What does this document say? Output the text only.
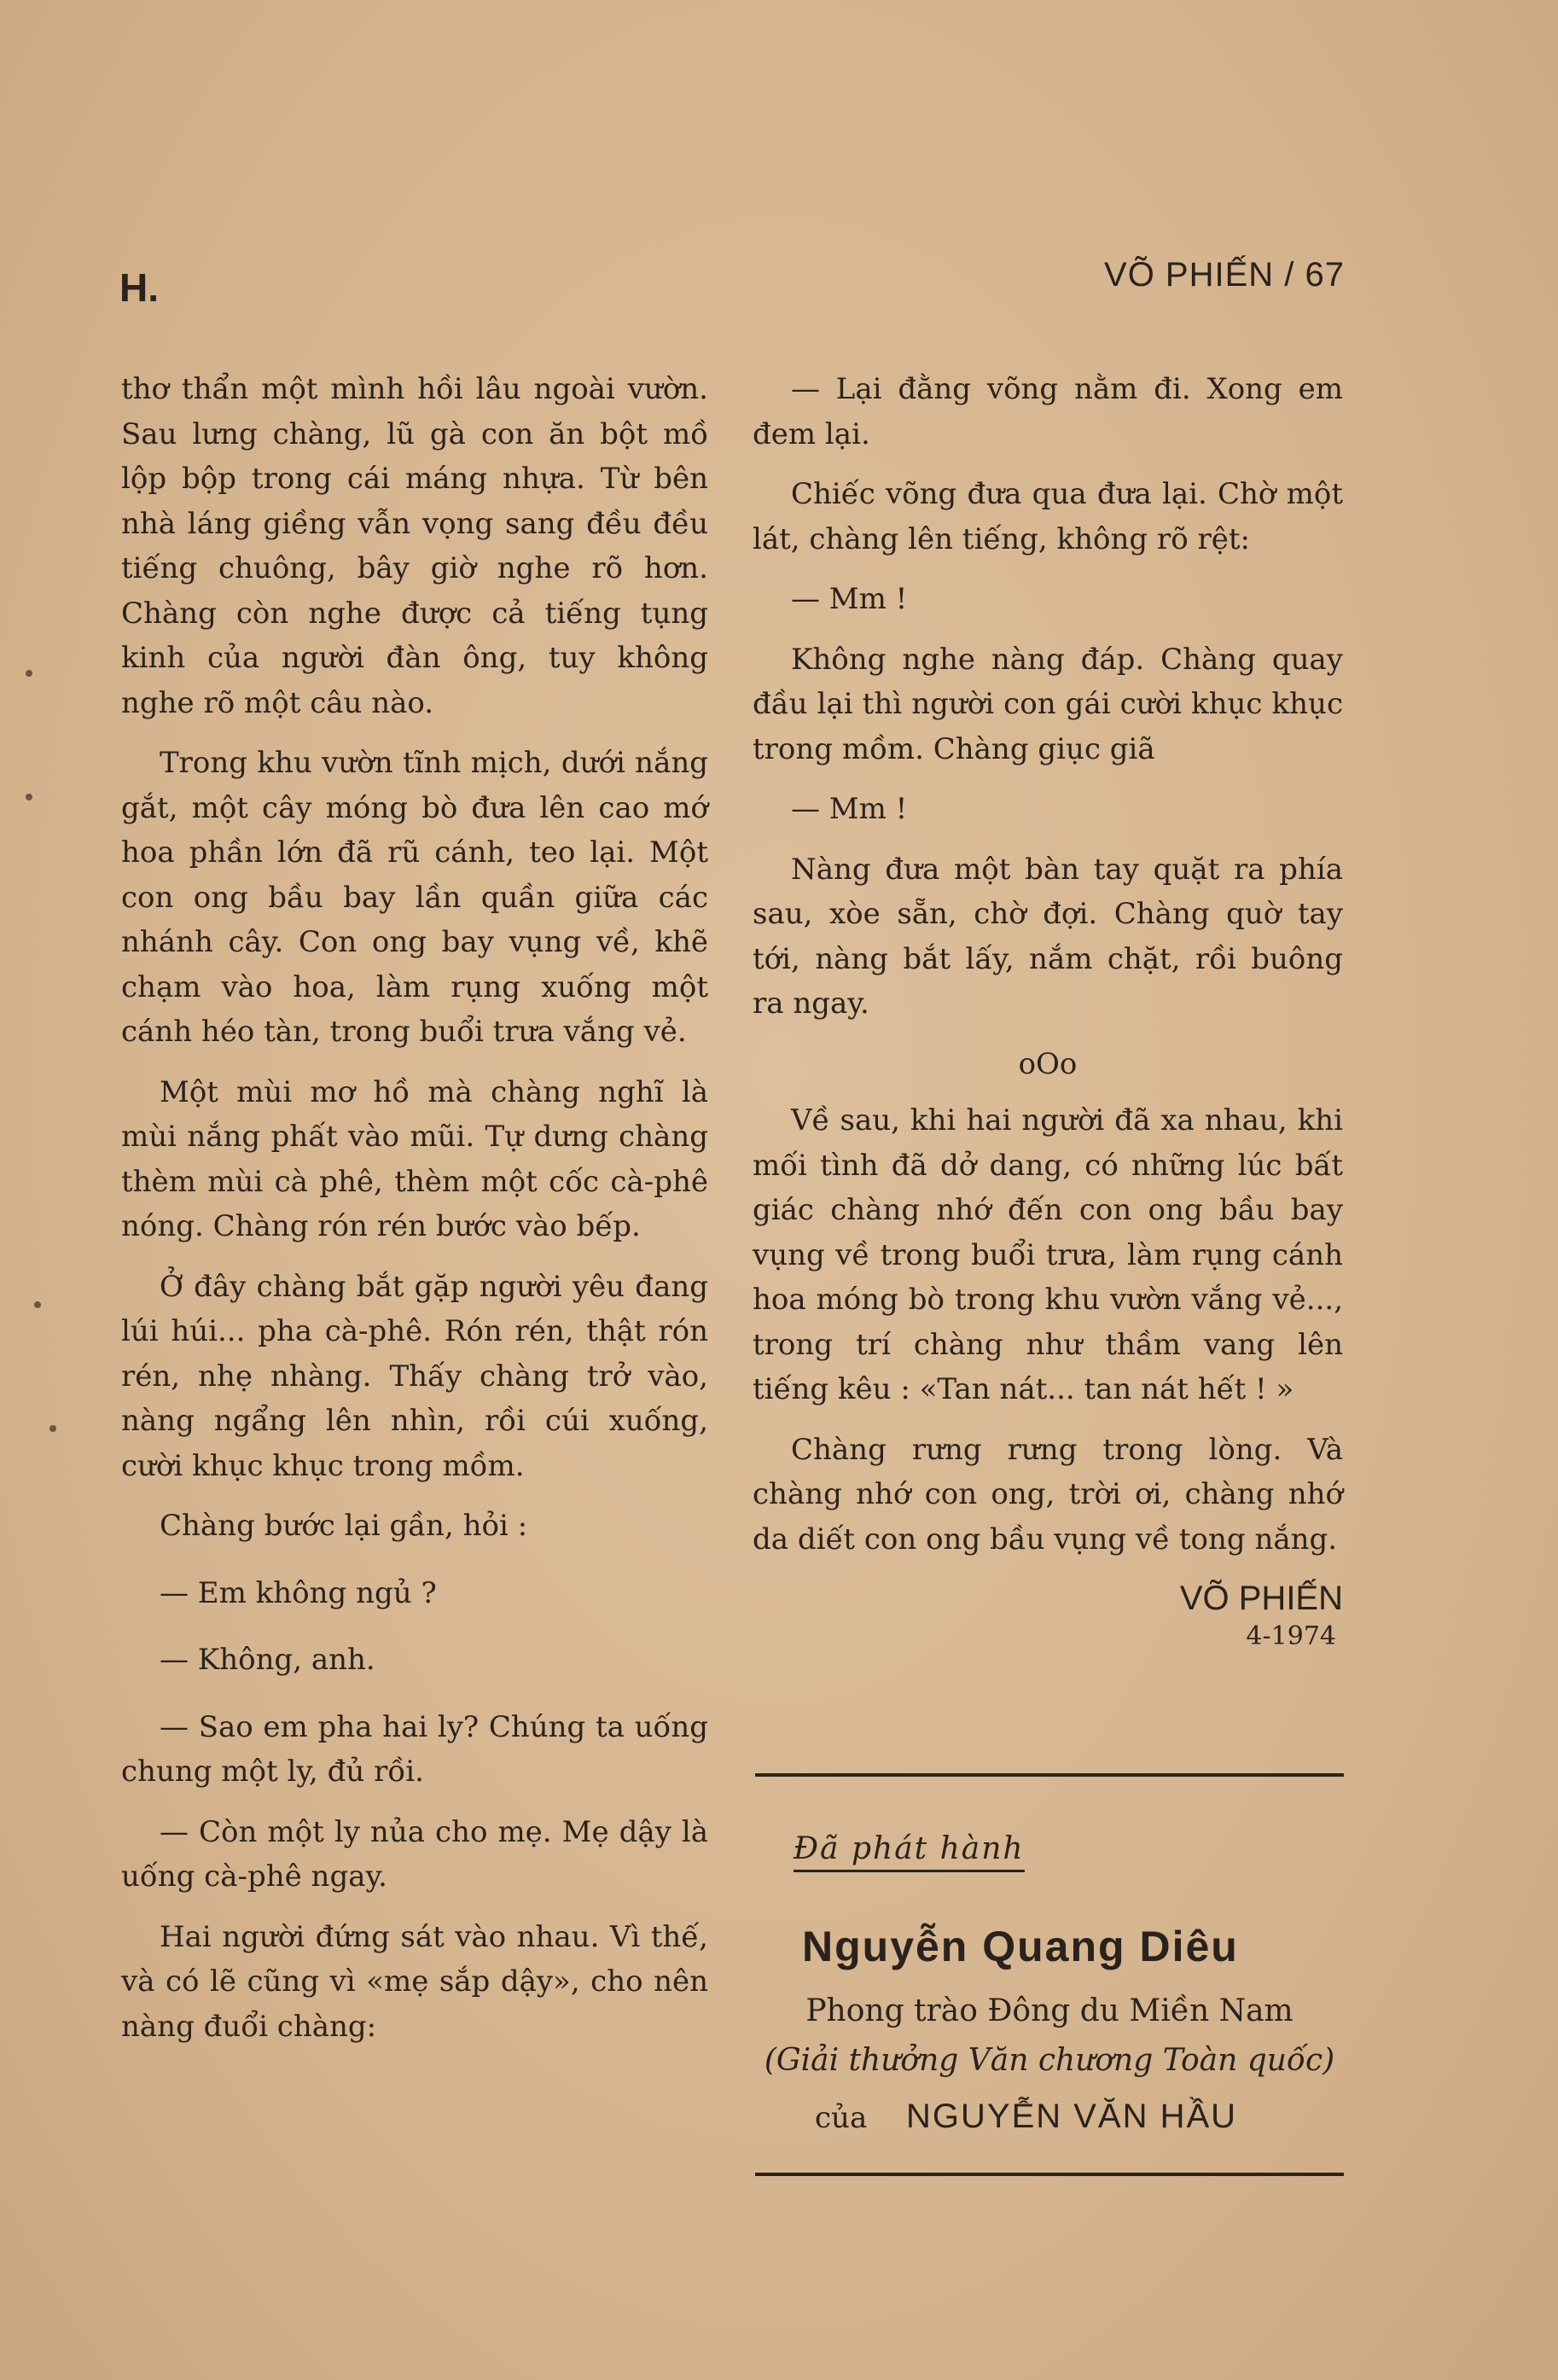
H.	VÕ PHIẾN / 67

thơ thẩn một mình hồi lâu ngoài vườn. Sau lưng chàng, lũ gà con ăn bột mồ lộp bộp trong cái máng nhựa. Từ bên nhà láng giềng vẫn vọng sang đều đều tiếng chuông, bây giờ nghe rõ hơn. Chàng còn nghe được cả tiếng tụng kinh của người đàn ông, tuy không nghe rõ một câu nào.

Trong khu vườn tĩnh mịch, dưới nắng gắt, một cây móng bò đưa lên cao mớ hoa phần lớn đã rũ cánh, teo lại. Một con ong bầu bay lần quần giữa các nhánh cây. Con ong bay vụng về, khẽ chạm vào hoa, làm rụng xuống một cánh héo tàn, trong buổi trưa vắng vẻ.

Một mùi mơ hồ mà chàng nghĩ là mùi nắng phất vào mũi. Tự dưng chàng thèm mùi cà phê, thèm một cốc cà-phê nóng. Chàng rón rén bước vào bếp.

Ở đây chàng bắt gặp người yêu đang lúi húi... pha cà-phê. Rón rén, thật rón rén, nhẹ nhàng. Thấy chàng trở vào, nàng ngẩng lên nhìn, rồi cúi xuống, cười khục khục trong mồm.

Chàng bước lại gần, hỏi :

— Em không ngủ ?

— Không, anh.

— Sao em pha hai ly? Chúng ta uống chung một ly, đủ rồi.

— Còn một ly nủa cho mẹ. Mẹ dậy là uống cà-phê ngay.

Hai người đứng sát vào nhau. Vì thế, và có lẽ cũng vì «mẹ sắp dậy», cho nên nàng đuổi chàng:

— Lại đằng võng nằm đi. Xong em đem lại.

Chiếc võng đưa qua đưa lại. Chờ một lát, chàng lên tiếng, không rõ rệt:

— Mm !

Không nghe nàng đáp. Chàng quay đầu lại thì người con gái cười khục khục trong mồm. Chàng giục giã

— Mm !

Nàng đưa một bàn tay quặt ra phía sau, xòe sẵn, chờ đợi. Chàng quờ tay tới, nàng bắt lấy, nắm chặt, rồi buông ra ngay.

oOo

Về sau, khi hai người đã xa nhau, khi mối tình đã dở dang, có những lúc bất giác chàng nhớ đến con ong bầu bay vụng về trong buổi trưa, làm rụng cánh hoa móng bò trong khu vườn vắng vẻ..., trong trí chàng như thầm vang lên tiếng kêu : «Tan nát... tan nát hết ! »

Chàng rưng rưng trong lòng. Và chàng nhớ con ong, trời ơi, chàng nhớ da diết con ong bầu vụng về tong nắng.

VÕ PHIẾN
4-1974
Đã phát hành
Nguyễn Quang Diêu
Phong trào Đông du Miền Nam
(Giải thưởng Văn chương Toàn quốc)
của NGUYỄN VĂN HẦU
